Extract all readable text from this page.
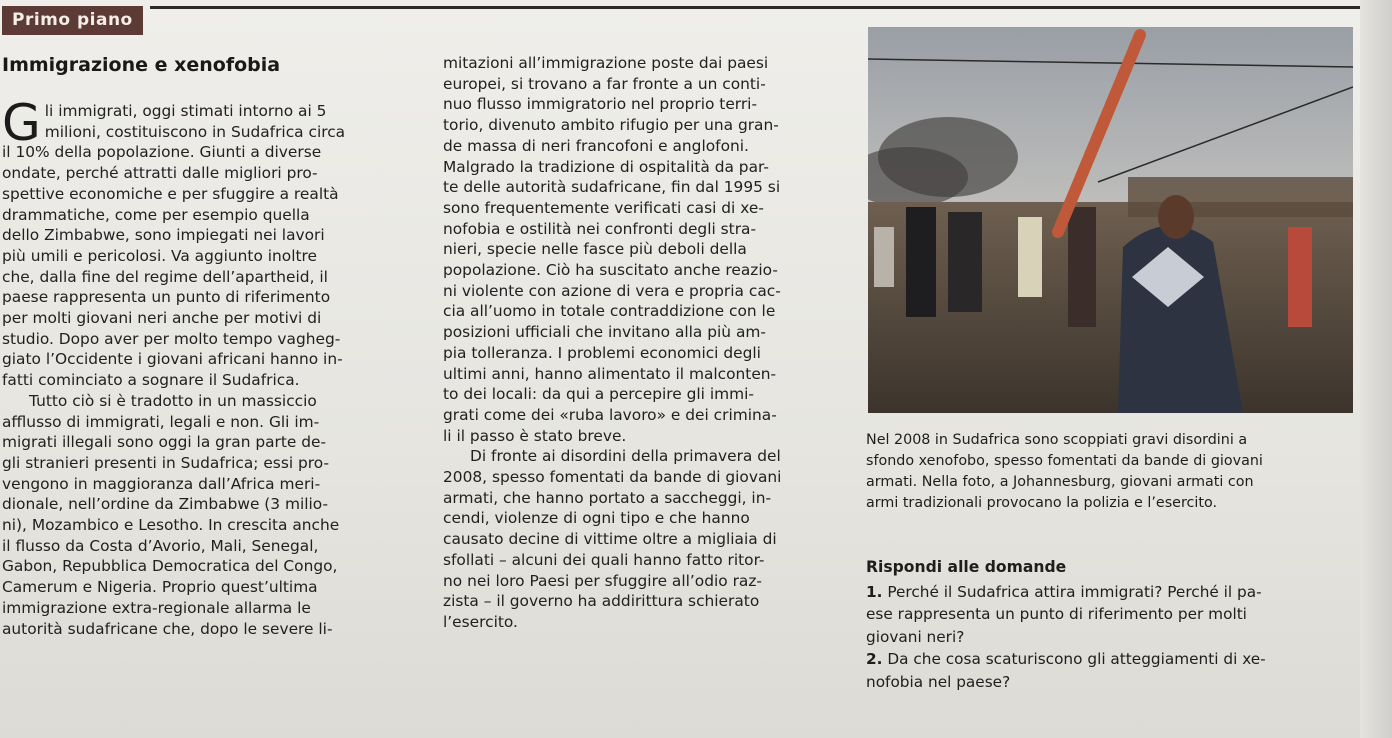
Primo piano
Immigrazione e xenofobia

G li immigrati, oggi stimati intorno ai 5
milioni, costituiscono in Sudafrica circa
il 10% della popolazione. Giunti a diverse
ondate, perché attratti dalle migliori pro-
spettive economiche e per sfuggire a realtà
drammatiche, come per esempio quella
dello Zimbabwe, sono impiegati nei lavori
più umili e pericolosi. Va aggiunto inoltre
che, dalla fine del regime dell’apartheid, il
paese rappresenta un punto di riferimento
per molti giovani neri anche per motivi di
studio. Dopo aver per molto tempo vagheg-
giato l’Occidente i giovani africani hanno in-
fatti cominciato a sognare il Sudafrica.

Tutto ciò si è tradotto in un massiccio
afflusso di immigrati, legali e non. Gli im-
migrati illegali sono oggi la gran parte de-
gli stranieri presenti in Sudafrica; essi pro-
vengono in maggioranza dall’Africa meri-
dionale, nell’ordine da Zimbabwe (3 milio-
ni), Mozambico e Lesotho. In crescita anche
il flusso da Costa d’Avorio, Mali, Senegal,
Gabon, Repubblica Democratica del Congo,
Camerum e Nigeria. Proprio quest’ultima
immigrazione extra-regionale allarma le
autorità sudafricane che, dopo le severe li-

mitazioni all’immigrazione poste dai paesi
europei, si trovano a far fronte a un conti-
nuo flusso immigratorio nel proprio terri-
torio, divenuto ambito rifugio per una gran-
de massa di neri francofoni e anglofoni.
Malgrado la tradizione di ospitalità da par-
te delle autorità sudafricane, fin dal 1995 si
sono frequentemente verificati casi di xe-
nofobia e ostilità nei confronti degli stra-
nieri, specie nelle fasce più deboli della
popolazione. Ciò ha suscitato anche reazio-
ni violente con azione di vera e propria cac-
cia all’uomo in totale contraddizione con le
posizioni ufficiali che invitano alla più am-
pia tolleranza. I problemi economici degli
ultimi anni, hanno alimentato il malconten-
to dei locali: da qui a percepire gli immi-
grati come dei «ruba lavoro» e dei crimina-
li il passo è stato breve.

Di fronte ai disordini della primavera del
2008, spesso fomentati da bande di giovani
armati, che hanno portato a saccheggi, in-
cendi, violenze di ogni tipo e che hanno
causato decine di vittime oltre a migliaia di
sfollati – alcuni dei quali hanno fatto ritor-
no nei loro Paesi per sfuggire all’odio raz-
zista – il governo ha addirittura schierato
l’esercito.

Nel 2008 in Sudafrica sono scoppiati gravi disordini a
sfondo xenofobo, spesso fomentati da bande di giovani
armati. Nella foto, a Johannesburg, giovani armati con
armi tradizionali provocano la polizia e l’esercito.
Rispondi alle domande

1. Perché il Sudafrica attira immigrati? Perché il pa-
ese rappresenta un punto di riferimento per molti
giovani neri?

2. Da che cosa scaturiscono gli atteggiamenti di xe-
nofobia nel paese?
